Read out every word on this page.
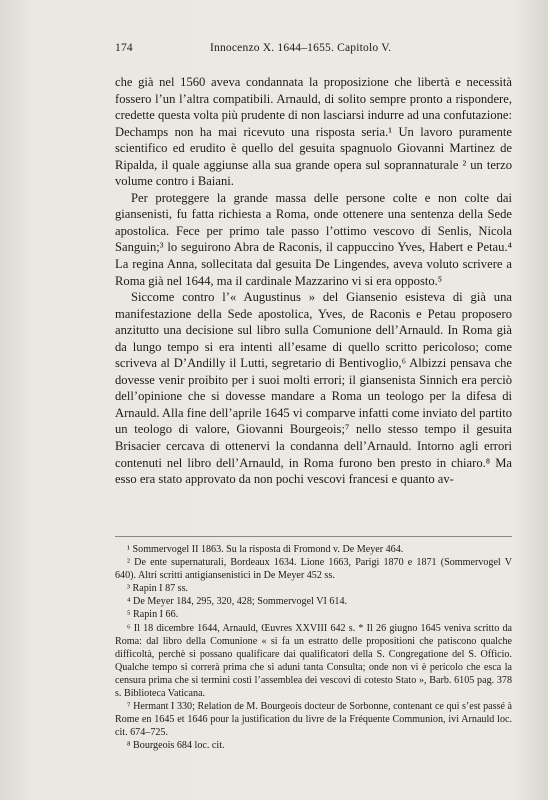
174	Innocenzo X. 1644–1655. Capitolo V.

che già nel 1560 aveva condannata la proposizione che libertà e necessità fossero l’un l’altra compatibili. Arnauld, di solito sempre pronto a rispondere, credette questa volta più prudente di non lasciarsi indurre ad una confutazione: Dechamps non ha mai ricevuto una risposta seria.¹ Un lavoro puramente scientifico ed erudito è quello del gesuita spagnuolo Giovanni Martinez de Ripalda, il quale aggiunse alla sua grande opera sul soprannaturale ² un terzo volume contro i Baiani.

Per proteggere la grande massa delle persone colte e non colte dai giansenisti, fu fatta richiesta a Roma, onde ottenere una sentenza della Sede apostolica. Fece per primo tale passo l’ottimo vescovo di Senlis, Nicola Sanguin;³ lo seguirono Abra de Raconis, il cappuccino Yves, Habert e Petau.⁴ La regina Anna, sollecitata dal gesuita De Lingendes, aveva voluto scrivere a Roma già nel 1644, ma il cardinale Mazzarino vi si era opposto.⁵

Siccome contro l’« Augustinus » del Giansenio esisteva di già una manifestazione della Sede apostolica, Yves, de Raconis e Petau proposero anzitutto una decisione sul libro sulla Comunione dell’Arnauld. In Roma già da lungo tempo si era intenti all’esame di quello scritto pericoloso; come scriveva al D’Andilly il Lutti, segretario di Bentivoglio,⁶ Albizzi pensava che dovesse venir proibito per i suoi molti errori; il giansenista Sinnich era perciò dell’opinione che si dovesse mandare a Roma un teologo per la difesa di Arnauld. Alla fine dell’aprile 1645 vi comparve infatti come inviato del partito un teologo di valore, Giovanni Bourgeois;⁷ nello stesso tempo il gesuita Brisacier cercava di ottenervi la condanna dell’Arnauld. Intorno agli errori contenuti nel libro dell’Arnauld, in Roma furono ben presto in chiaro.⁸ Ma esso era stato approvato da non pochi vescovi francesi e quanto av-

¹ Sommervogel II 1863. Su la risposta di Fromond v. De Meyer 464.

² De ente supernaturali, Bordeaux 1634. Lione 1663, Parigi 1870 e 1871 (Sommervogel V 640). Altri scritti antigiansenistici in De Meyer 452 ss.

³ Rapin I 87 ss.

⁴ De Meyer 184, 295, 320, 428; Sommervogel VI 614.

⁵ Rapin I 66.

⁶ Il 18 dicembre 1644, Arnauld, Œuvres XXVIII 642 s. * Il 26 giugno 1645 veniva scritto da Roma: dal libro della Comunione « si fa un estratto delle propositioni che patiscono qualche difficoltà, perchè si possano qualificare dai qualificatori della S. Congregatione del S. Officio. Qualche tempo si correrà prima che si aduni tanta Consulta; onde non vi è pericolo che esca la censura prima che si termini costì l’assemblea dei vescovi di cotesto Stato », Barb. 6105 pag. 378 s. Biblioteca Vaticana.

⁷ Hermant I 330; Relation de M. Bourgeois docteur de Sorbonne, contenant ce qui s’est passé à Rome en 1645 et 1646 pour la justification du livre de la Fréquente Communion, ivi Arnauld loc. cit. 674–725.

⁸ Bourgeois 684 loc. cit.
